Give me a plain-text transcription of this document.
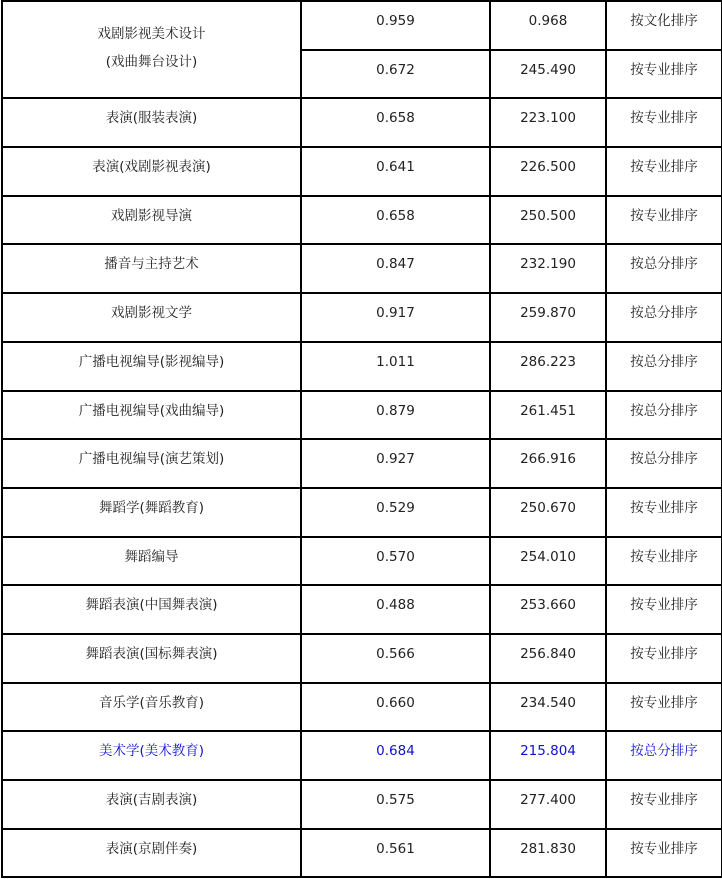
戏剧影视美术设计
(戏曲舞台设计)	0.959	0.968	按文化排序

	0.672	245.490	按专业排序

表演(服装表演)	0.658	223.100	按专业排序

表演(戏剧影视表演)	0.641	226.500	按专业排序

戏剧影视导演	0.658	250.500	按专业排序

播音与主持艺术	0.847	232.190	按总分排序

戏剧影视文学	0.917	259.870	按总分排序

广播电视编导(影视编导)	1.011	286.223	按总分排序

广播电视编导(戏曲编导)	0.879	261.451	按总分排序

广播电视编导(演艺策划)	0.927	266.916	按总分排序

舞蹈学(舞蹈教育)	0.529	250.670	按专业排序

舞蹈编导	0.570	254.010	按专业排序

舞蹈表演(中国舞表演)	0.488	253.660	按专业排序

舞蹈表演(国标舞表演)	0.566	256.840	按专业排序

音乐学(音乐教育)	0.660	234.540	按专业排序

美术学(美术教育)	0.684	215.804	按总分排序

表演(吉剧表演)	0.575	277.400	按专业排序

表演(京剧伴奏)	0.561	281.830	按专业排序
